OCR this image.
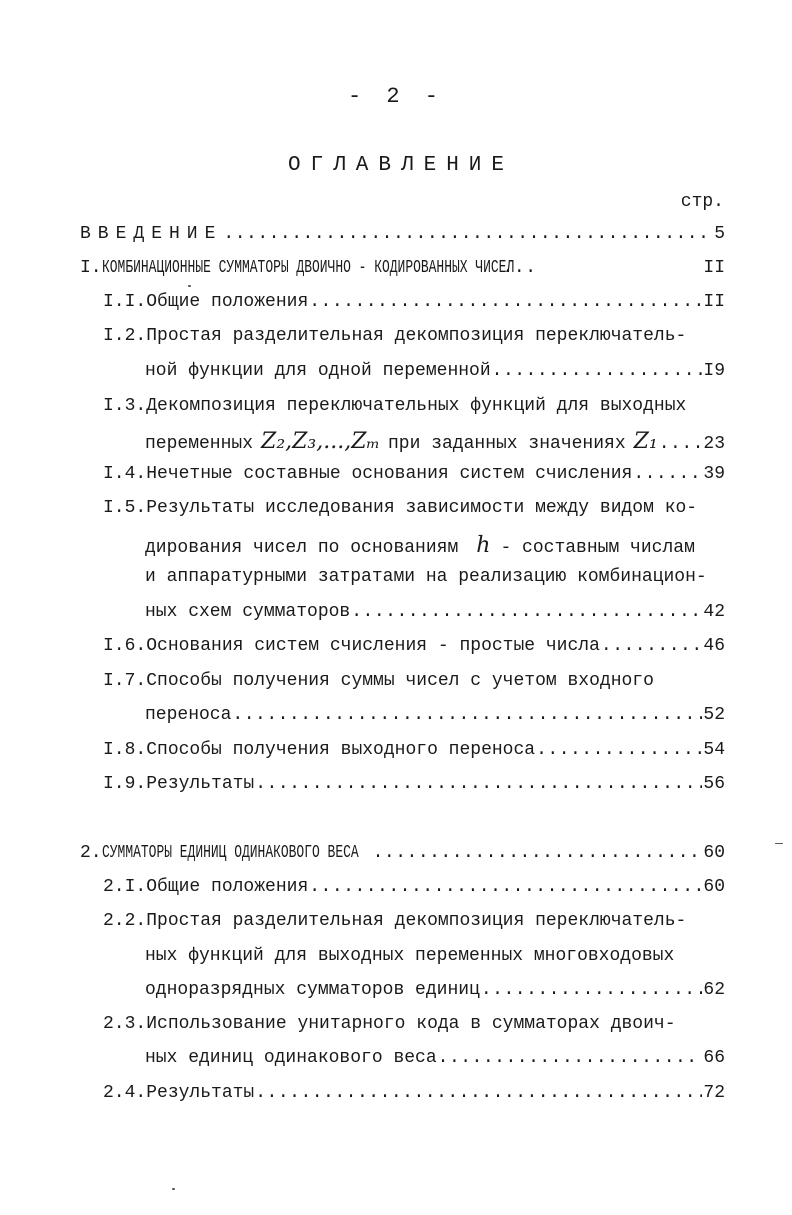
- 2 -
ОГЛАВЛЕНИЕ
стр.
ВВЕДЕНИЕ .....	5
I. КОМБИНАЦИОННЫЕ СУММАТОРЫ ДВОИЧНО - КОДИРОВАННЫХ ЧИСЕЛ .....	II
I.I. Общие положения .....	II
I.2. Простая разделительная декомпозиция переключатель-
ной функции для одной переменной .....	I9
I.3. Декомпозиция переключательных функций для выходных
переменных Z₂,Z₃,...,Zₘ при заданных значениях Z₁ .....	23
I.4. Нечетные составные основания систем счисления .....	39
I.5. Результаты исследования зависимости между видом ко-
дирования чисел по основаниям h - составным числам
и аппаратурными затратами на реализацию комбинацион-
ных схем сумматоров .....	42
I.6. Основания систем счисления - простые числа .....	46
I.7. Способы получения суммы чисел с учетом входного
переноса .....	52
I.8. Способы получения выходного переноса .....	54
I.9. Результаты .....	56
2. СУММАТОРЫ ЕДИНИЦ ОДИНАКОВОГО ВЕСА .....	60
2.I. Общие положения .....	60
2.2. Простая разделительная декомпозиция переключатель-
ных функций для выходных переменных многовходовых
одноразрядных сумматоров единиц .....	62
2.3. Использование унитарного кода в сумматорах двоич-
ных единиц одинакового веса .....	66
2.4. Результаты .....	72
